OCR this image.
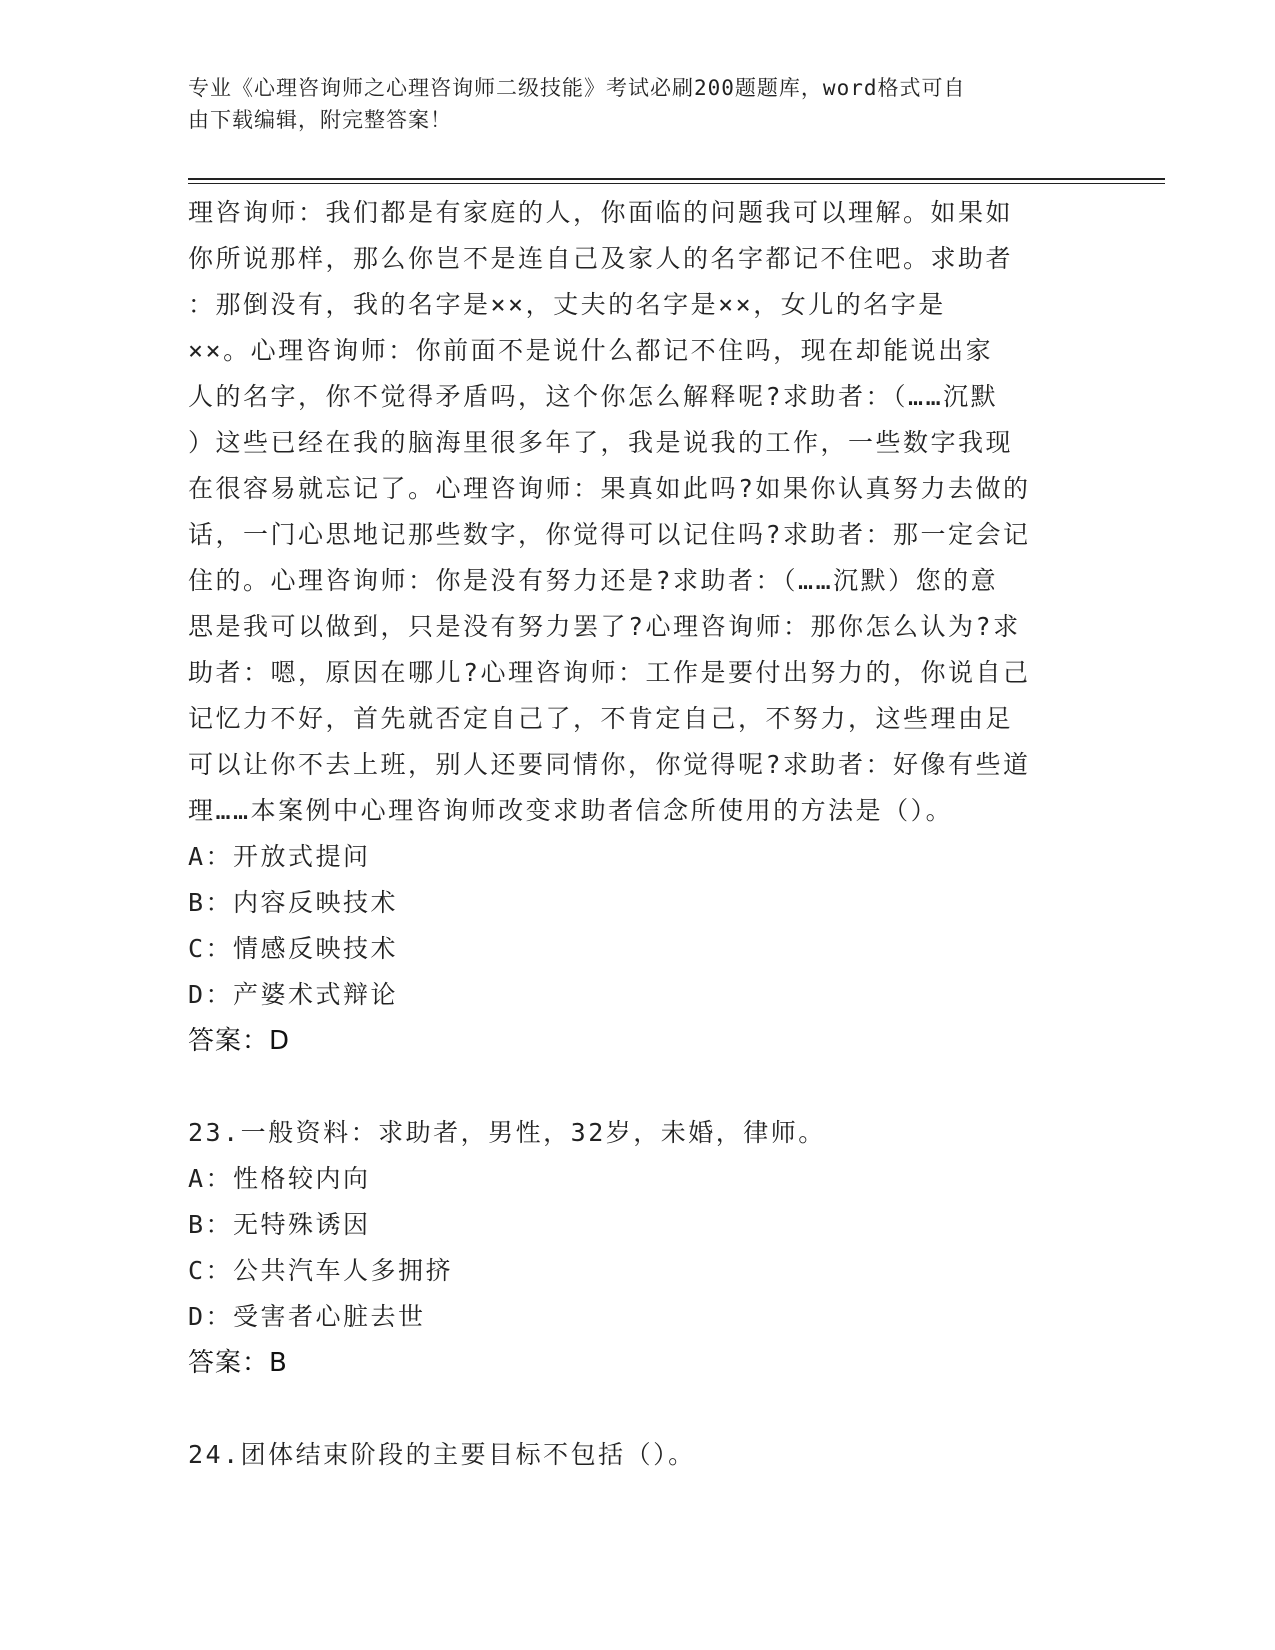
专业《心理咨询师之心理咨询师二级技能》考试必刷200题题库，word格式可自
由下载编辑，附完整答案！
理咨询师：我们都是有家庭的人，你面临的问题我可以理解。如果如
你所说那样，那么你岂不是连自己及家人的名字都记不住吧。求助者
：那倒没有，我的名字是××，丈夫的名字是××，女儿的名字是
××。心理咨询师：你前面不是说什么都记不住吗，现在却能说出家
人的名字，你不觉得矛盾吗，这个你怎么解释呢?求助者：（……沉默
）这些已经在我的脑海里很多年了，我是说我的工作，一些数字我现
在很容易就忘记了。心理咨询师：果真如此吗?如果你认真努力去做的
话，一门心思地记那些数字，你觉得可以记住吗?求助者：那一定会记
住的。心理咨询师：你是没有努力还是?求助者：（……沉默）您的意
思是我可以做到，只是没有努力罢了?心理咨询师：那你怎么认为?求
助者：嗯，原因在哪儿?心理咨询师：工作是要付出努力的，你说自己
记忆力不好，首先就否定自己了，不肯定自己，不努力，这些理由足
可以让你不去上班，别人还要同情你，你觉得呢?求助者：好像有些道
理……本案例中心理咨询师改变求助者信念所使用的方法是（）。
A：开放式提问
B：内容反映技术
C：情感反映技术
D：产婆术式辩论
答案：D
23.一般资料：求助者，男性，32岁，未婚，律师。
A：性格较内向
B：无特殊诱因
C：公共汽车人多拥挤
D：受害者心脏去世
答案：B
24.团体结束阶段的主要目标不包括（）。
